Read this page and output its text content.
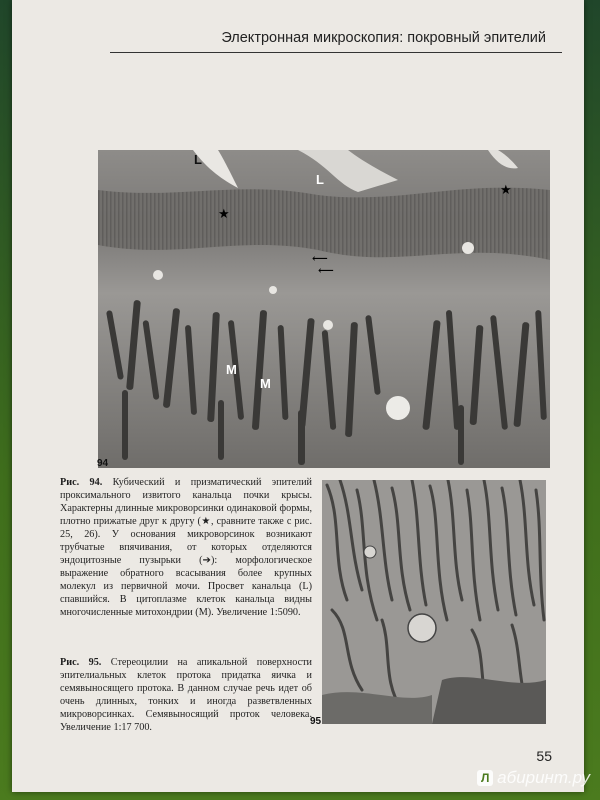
Электронная микроскопия: покровный эпителий
L
L
M
M
★
★
⟵
⟵
94
95
Рис. 94. Кубический и призматический эпителий проксимального извитого канальца почки крысы. Характерны длинные микроворсинки одинаковой формы, плотно прижатые друг к другу (★, сравните также с рис. 25, 26). У основания микроворсинок возникают трубчатые впячивания, от которых отделяются эндоцитозные пузырьки (➔): морфологическое выражение обратного всасывания более крупных молекул из первичной мочи. Просвет канальца (L) спавшийся. В цитоплазме клеток канальца видны многочисленные митохондрии (M). Увеличение 1:5090.
Рис. 95. Стереоцилии на апикальной поверхности эпителиальных клеток протока придатка яичка и семявыносящего протока. В данном случае речь идет об очень длинных, тонких и иногда разветвленных микроворсинках. Семявыносящий проток человека. Увеличение 1:17 700.
55
Л абиринт.ру
